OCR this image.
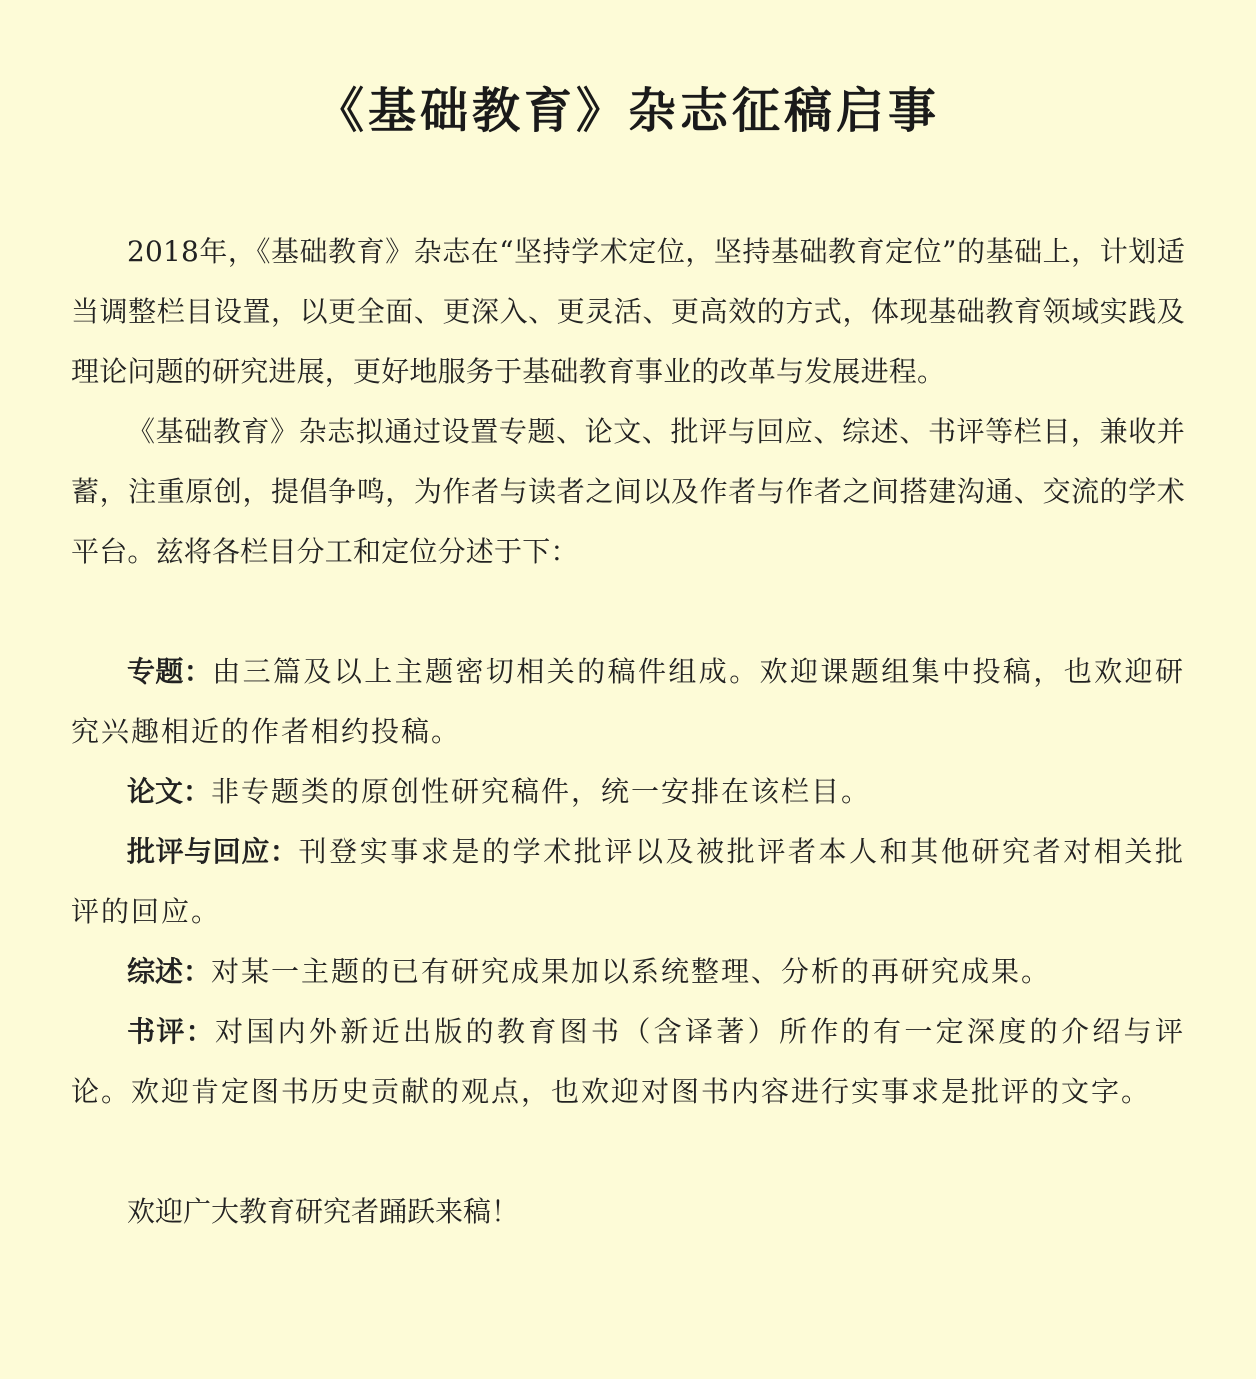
《基础教育》杂志征稿启事

2018年，《基础教育》杂志在“坚持学术定位，坚持基础教育定位”的基础上，计划适当调整栏目设置，以更全面、更深入、更灵活、更高效的方式，体现基础教育领域实践及理论问题的研究进展，更好地服务于基础教育事业的改革与发展进程。

《基础教育》杂志拟通过设置专题、论文、批评与回应、综述、书评等栏目，兼收并蓄，注重原创，提倡争鸣，为作者与读者之间以及作者与作者之间搭建沟通、交流的学术平台。兹将各栏目分工和定位分述于下：

专题：由三篇及以上主题密切相关的稿件组成。欢迎课题组集中投稿，也欢迎研究兴趣相近的作者相约投稿。

论文：非专题类的原创性研究稿件，统一安排在该栏目。

批评与回应：刊登实事求是的学术批评以及被批评者本人和其他研究者对相关批评的回应。

综述：对某一主题的已有研究成果加以系统整理、分析的再研究成果。

书评：对国内外新近出版的教育图书（含译著）所作的有一定深度的介绍与评论。欢迎肯定图书历史贡献的观点，也欢迎对图书内容进行实事求是批评的文字。

欢迎广大教育研究者踊跃来稿！
